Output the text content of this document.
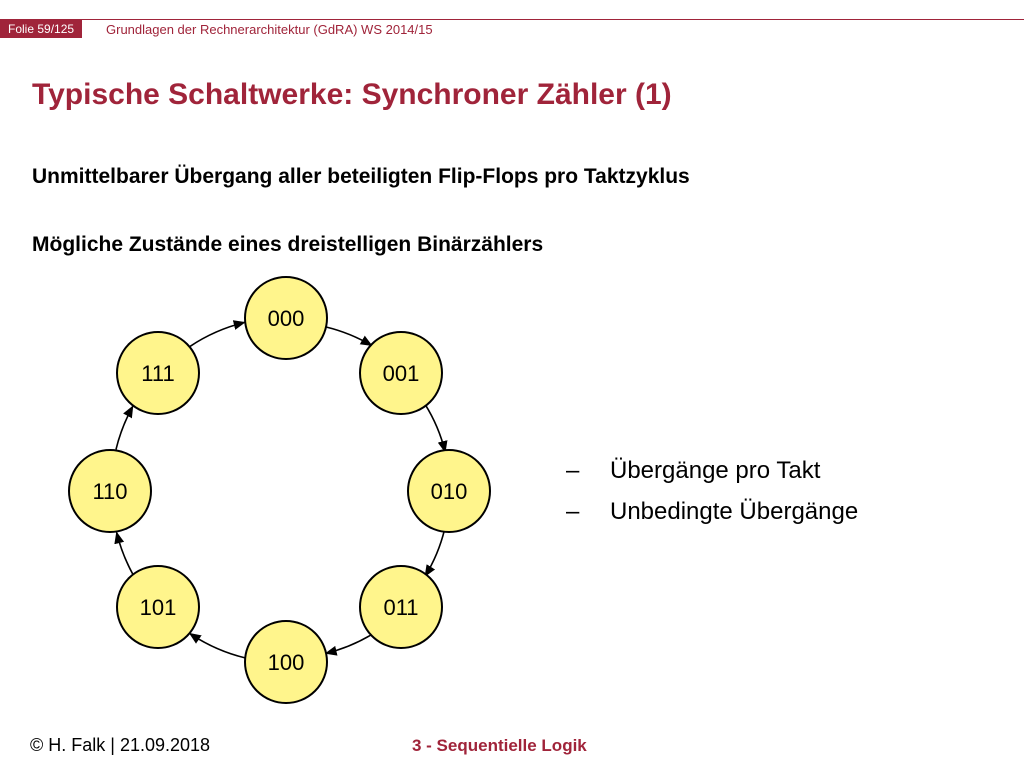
Folie 59/125	Grundlagen der Rechnerarchitektur (GdRA) WS 2014/15
Typische Schaltwerke: Synchroner Zähler (1)
Unmittelbarer Übergang aller beteiligten Flip-Flops pro Taktzyklus
Mögliche Zustände eines dreistelligen Binärzählers
000
001
010
011
100
101
110
111
– Übergänge pro Takt
– Unbedingte Übergänge
© H. Falk | 21.09.2018	3 - Sequentielle Logik
